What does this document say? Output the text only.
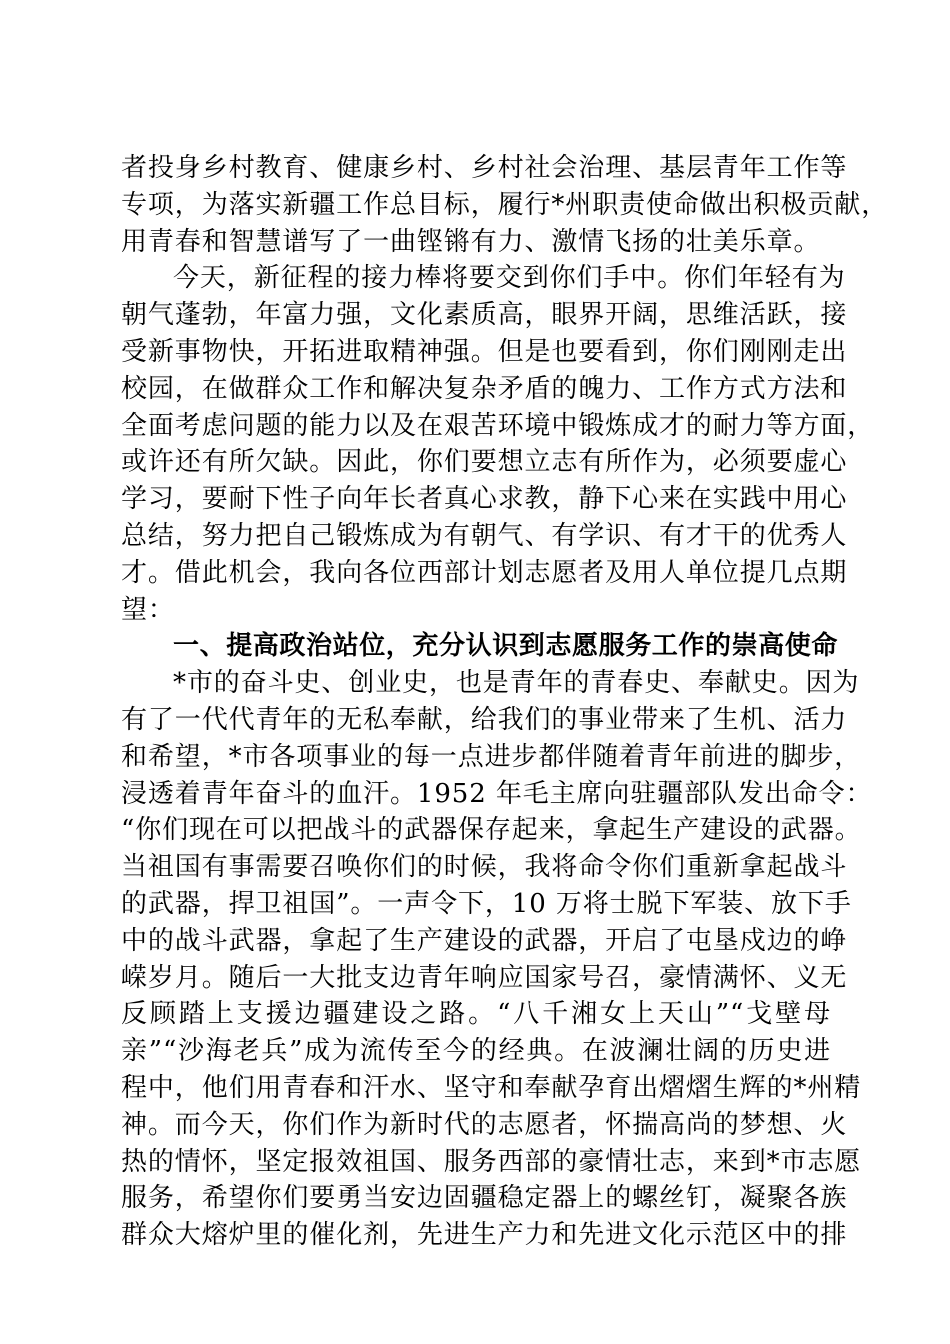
者投身乡村教育、健康乡村、乡村社会治理、基层青年工作等
专项，为落实新疆工作总目标，履行*州职责使命做出积极贡献，
用青春和智慧谱写了一曲铿锵有力、激情飞扬的壮美乐章。
今天，新征程的接力棒将要交到你们手中。你们年轻有为
朝气蓬勃，年富力强，文化素质高，眼界开阔，思维活跃，接
受新事物快，开拓进取精神强。但是也要看到，你们刚刚走出
校园，在做群众工作和解决复杂矛盾的魄力、工作方式方法和
全面考虑问题的能力以及在艰苦环境中锻炼成才的耐力等方面，
或许还有所欠缺。因此，你们要想立志有所作为，必须要虚心
学习，要耐下性子向年长者真心求教，静下心来在实践中用心
总结，努力把自己锻炼成为有朝气、有学识、有才干的优秀人
才。借此机会，我向各位西部计划志愿者及用人单位提几点期
望：
一、提高政治站位，充分认识到志愿服务工作的崇高使命
*市的奋斗史、创业史，也是青年的青春史、奉献史。因为
有了一代代青年的无私奉献，给我们的事业带来了生机、活力
和希望，*市各项事业的每一点进步都伴随着青年前进的脚步，
浸透着青年奋斗的血汗。1952 年毛主席向驻疆部队发出命令：
“你们现在可以把战斗的武器保存起来，拿起生产建设的武器。
当祖国有事需要召唤你们的时候，我将命令你们重新拿起战斗
的武器，捍卫祖国”。一声令下，10 万将士脱下军装、放下手
中的战斗武器，拿起了生产建设的武器，开启了屯垦戍边的峥
嵘岁月。随后一大批支边青年响应国家号召，豪情满怀、义无
反顾踏上支援边疆建设之路。“八千湘女上天山”“戈壁母
亲”“沙海老兵”成为流传至今的经典。在波澜壮阔的历史进
程中，他们用青春和汗水、坚守和奉献孕育出熠熠生辉的*州精
神。而今天，你们作为新时代的志愿者，怀揣高尚的梦想、火
热的情怀，坚定报效祖国、服务西部的豪情壮志，来到*市志愿
服务，希望你们要勇当安边固疆稳定器上的螺丝钉，凝聚各族
群众大熔炉里的催化剂，先进生产力和先进文化示范区中的排
